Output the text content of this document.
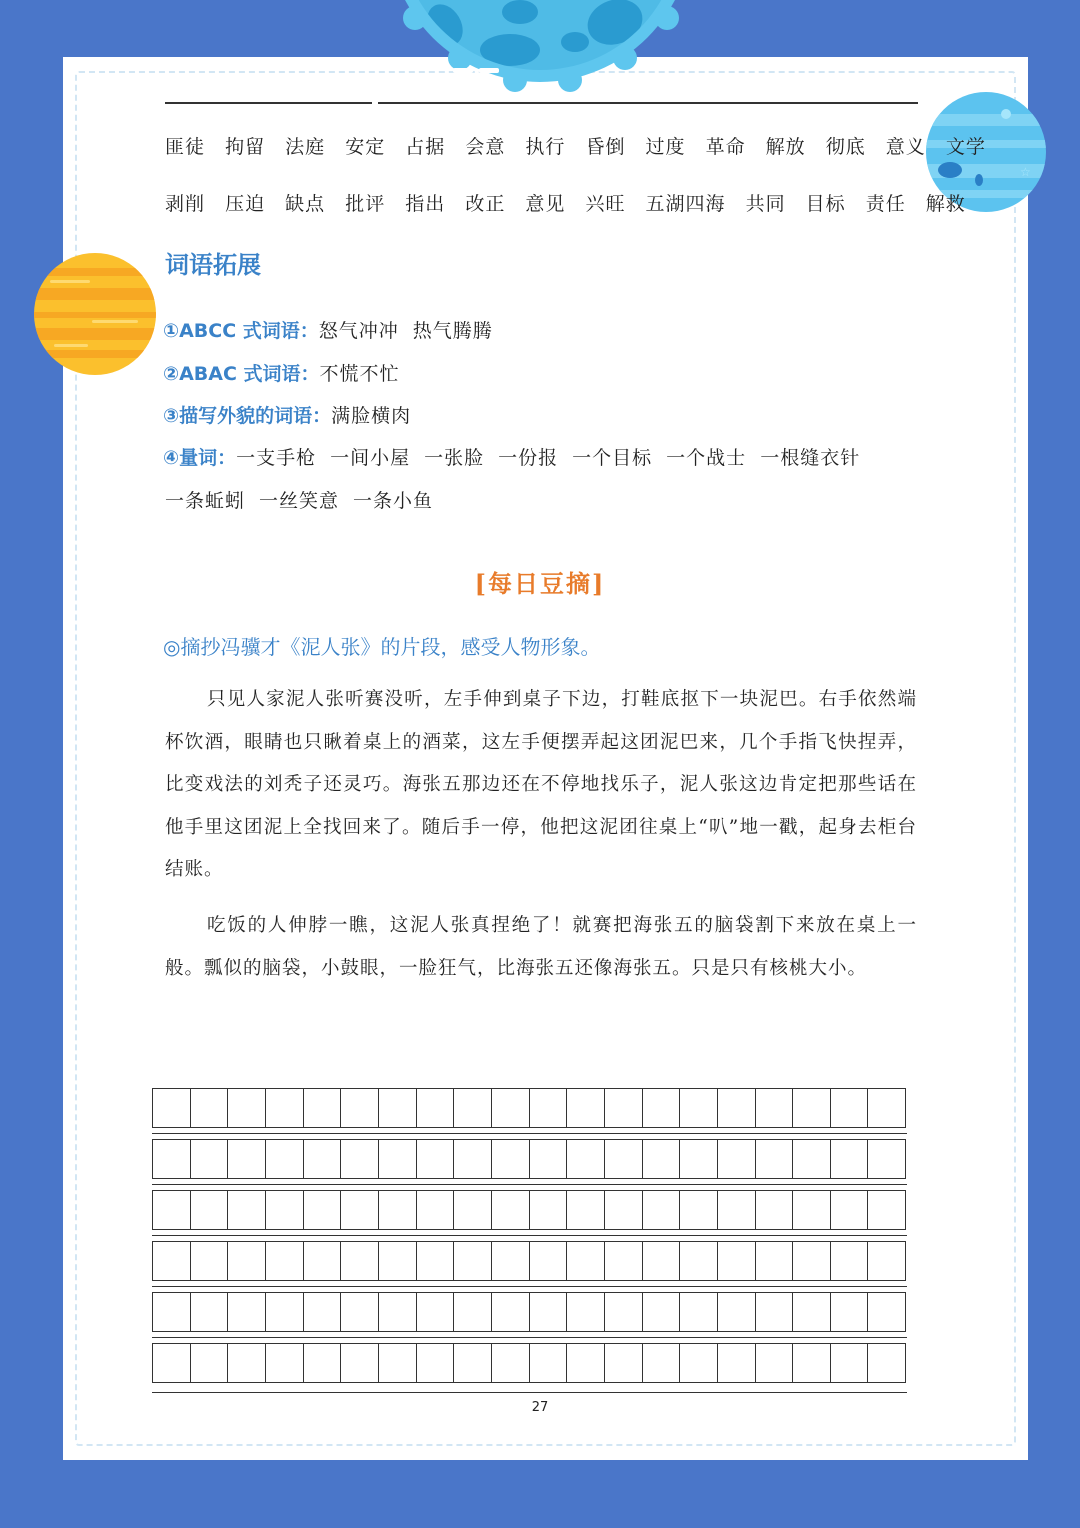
☆
匪徒 拘留 法庭 安定 占据 会意 执行 昏倒 过度 革命 解放 彻底 意义 文学
剥削 压迫 缺点 批评 指出 改正 意见 兴旺 五湖四海 共同 目标 责任 解救
词语拓展
①ABCC 式词语：怒气冲冲 热气腾腾
②ABAC 式词语：不慌不忙
③描写外貌的词语：满脸横肉
④量词：一支手枪 一间小屋 一张脸 一份报 一个目标 一个战士 一根缝衣针
一条蚯蚓 一丝笑意 一条小鱼
[每日豆摘]
◎摘抄冯骥才《泥人张》的片段，感受人物形象。

只见人家泥人张听赛没听，左手伸到桌子下边，打鞋底抠下一块泥巴。右手依然端杯饮酒，眼睛也只瞅着桌上的酒菜，这左手便摆弄起这团泥巴来，几个手指飞快捏弄，比变戏法的刘秃子还灵巧。海张五那边还在不停地找乐子，泥人张这边肯定把那些话在他手里这团泥上全找回来了。随后手一停，他把这泥团往桌上“叭”地一戳，起身去柜台结账。

吃饭的人伸脖一瞧，这泥人张真捏绝了！就赛把海张五的脑袋割下来放在桌上一般。瓢似的脑袋，小鼓眼，一脸狂气，比海张五还像海张五。只是只有核桃大小。

27
